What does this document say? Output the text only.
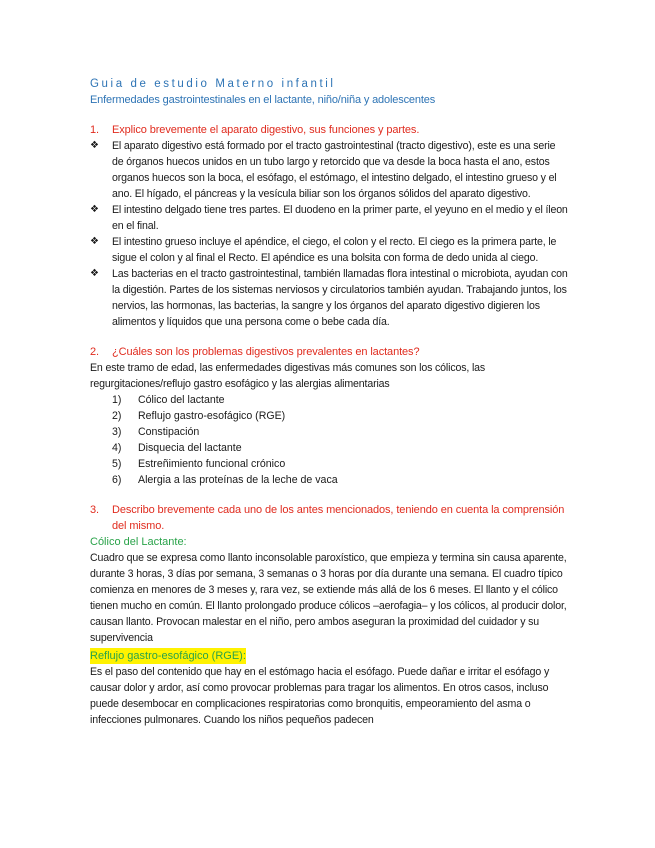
Guia de estudio Materno infantil

Enfermedades gastrointestinales en el lactante, niño/niña y adolescentes

1.	Explico brevemente el aparato digestivo, sus funciones y partes.
❖	El aparato digestivo está formado por el tracto gastrointestinal (tracto digestivo), este es una serie de órganos huecos unidos en un tubo largo y retorcido que va desde la boca hasta el ano, estos organos huecos son la boca, el esófago, el estómago, el intestino delgado, el intestino grueso y el ano. El hígado, el páncreas y la vesícula biliar son los órganos sólidos del aparato digestivo.
❖	El intestino delgado tiene tres partes. El duodeno en la primer parte, el yeyuno en el medio y el íleon en el final.
❖	El intestino grueso incluye el apéndice, el ciego, el colon y el recto. El ciego es la primera parte, le sigue el colon y al final el Recto. El apéndice es una bolsita con forma de dedo unida al ciego.
❖	Las bacterias en el tracto gastrointestinal, también llamadas flora intestinal o microbiota, ayudan con la digestión. Partes de los sistemas nerviosos y circulatorios también ayudan. Trabajando juntos, los nervios, las hormonas, las bacterias, la sangre y los órganos del aparato digestivo digieren los alimentos y líquidos que una persona come o bebe cada día.
2.	¿Cuáles son los problemas digestivos prevalentes en lactantes?

En este tramo de edad, las enfermedades digestivas más comunes son los cólicos, las regurgitaciones/reflujo gastro esofágico y las alergias alimentarias

1)	Cólico del lactante
2)	Reflujo gastro-esofágico (RGE)
3)	Constipación
4)	Disquecia del lactante
5)	Estreñimiento funcional crónico
6)	Alergia a las proteínas de la leche de vaca
3.	Describo brevemente cada uno de los antes mencionados, teniendo en cuenta la comprensión del mismo.

Cólico del Lactante:

Cuadro que se expresa como llanto inconsolable paroxístico, que empieza y termina sin causa aparente, durante 3 horas, 3 días por semana, 3 semanas o 3 horas por día durante una semana. El cuadro típico comienza en menores de 3 meses y, rara vez, se extiende más allá de los 6 meses. El llanto y el cólico tienen mucho en común. El llanto prolongado produce cólicos –aerofagia– y los cólicos, al producir dolor, causan llanto. Provocan malestar en el niño, pero ambos aseguran la proximidad del cuidador y su supervivencia

Reflujo gastro-esofágico (RGE):

Es el paso del contenido que hay en el estómago hacia el esófago. Puede dañar e irritar el esófago y causar dolor y ardor, así como provocar problemas para tragar los alimentos. En otros casos, incluso puede desembocar en complicaciones respiratorias como bronquitis, empeoramiento del asma o infecciones pulmonares. Cuando los niños pequeños padecen
